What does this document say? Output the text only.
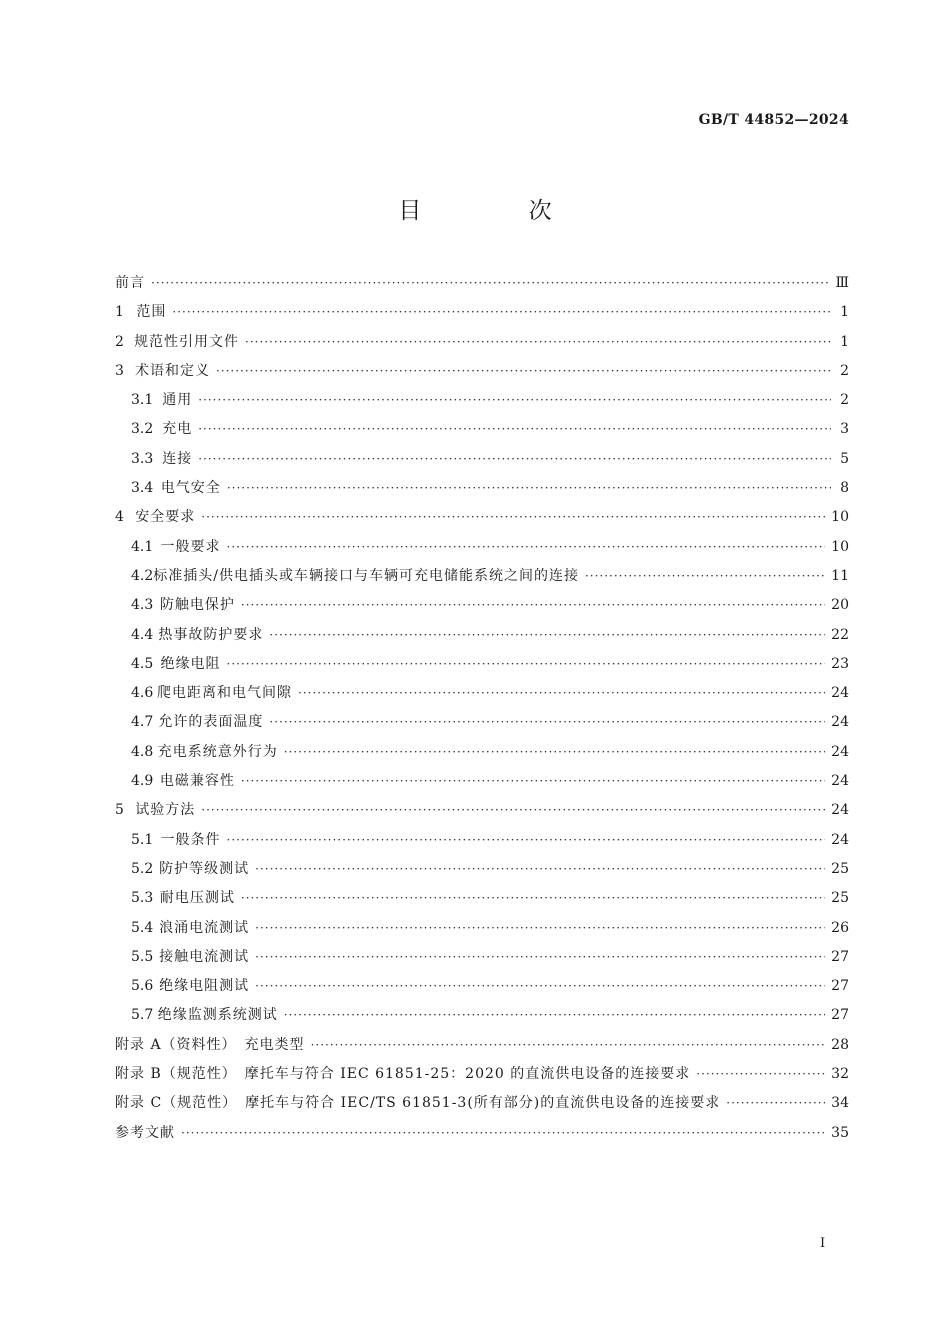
GB/T 44852—2024
目 次
前言 ·····	Ⅲ
1 范围 ·····	1
2 规范性引用文件 ·····	1
3 术语和定义 ·····	2
3.1 通用 ·····	2
3.2 充电 ·····	3
3.3 连接 ·····	5
3.4 电气安全 ·····	8
4 安全要求 ·····	10
4.1 一般要求 ·····	10
4.2 标准插头/供电插头或车辆接口与车辆可充电储能系统之间的连接 ·····	11
4.3 防触电保护 ·····	20
4.4 热事故防护要求 ·····	22
4.5 绝缘电阻 ·····	23
4.6 爬电距离和电气间隙 ·····	24
4.7 允许的表面温度 ·····	24
4.8 充电系统意外行为 ·····	24
4.9 电磁兼容性 ·····	24
5 试验方法 ·····	24
5.1 一般条件 ·····	24
5.2 防护等级测试 ·····	25
5.3 耐电压测试 ·····	25
5.4 浪涌电流测试 ·····	26
5.5 接触电流测试 ·····	27
5.6 绝缘电阻测试 ·····	27
5.7 绝缘监测系统测试 ·····	27
附录 A（资料性）　充电类型 ·····	28
附录 B（规范性）　摩托车与符合 IEC 61851-25：2020 的直流供电设备的连接要求 ·····	32
附录 C（规范性）　摩托车与符合 IEC/TS 61851-3(所有部分)的直流供电设备的连接要求 ·····	34
参考文献 ·····	35
I
